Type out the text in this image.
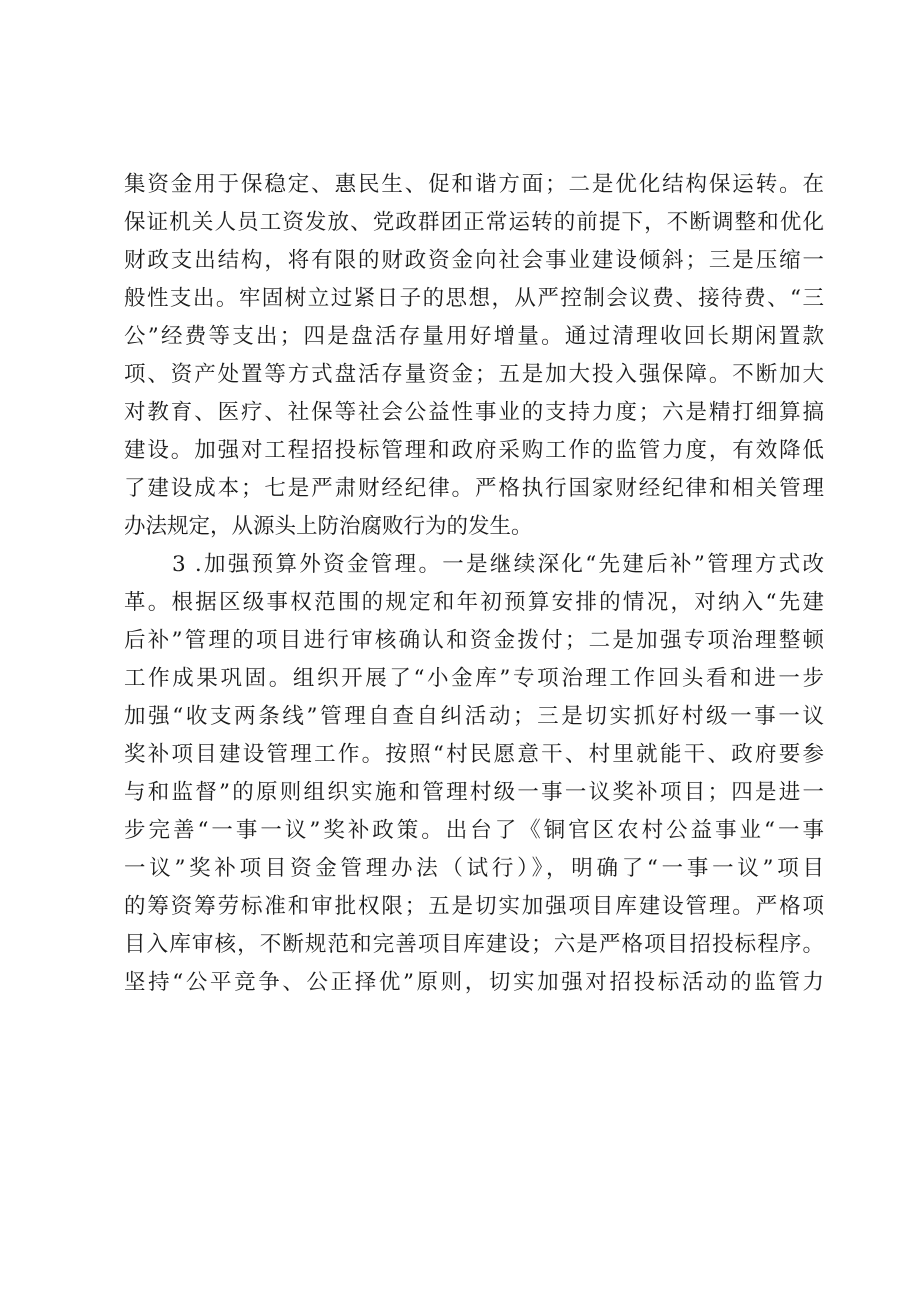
集资金用于保稳定、惠民生、促和谐方面；二是优化结构保运转。在
保证机关人员工资发放、党政群团正常运转的前提下，不断调整和优化
财政支出结构，将有限的财政资金向社会事业建设倾斜；三是压缩一
般性支出。牢固树立过紧日子的思想，从严控制会议费、接待费、“三
公”经费等支出；四是盘活存量用好增量。通过清理收回长期闲置款
项、资产处置等方式盘活存量资金；五是加大投入强保障。不断加大
对教育、医疗、社保等社会公益性事业的支持力度；六是精打细算搞
建设。加强对工程招投标管理和政府采购工作的监管力度，有效降低
了建设成本；七是严肃财经纪律。严格执行国家财经纪律和相关管理
办法规定，从源头上防治腐败行为的发生。
3 .加强预算外资金管理。一是继续深化“先建后补”管理方式改
革。根据区级事权范围的规定和年初预算安排的情况，对纳入“先建
后补”管理的项目进行审核确认和资金拨付；二是加强专项治理整顿
工作成果巩固。组织开展了“小金库”专项治理工作回头看和进一步
加强“收支两条线”管理自查自纠活动；三是切实抓好村级一事一议
奖补项目建设管理工作。按照“村民愿意干、村里就能干、政府要参
与和监督”的原则组织实施和管理村级一事一议奖补项目；四是进一
步完善“一事一议”奖补政策。出台了《铜官区农村公益事业“一事
一议”奖补项目资金管理办法（试行）》，明确了“一事一议”项目
的筹资筹劳标准和审批权限；五是切实加强项目库建设管理。严格项
目入库审核，不断规范和完善项目库建设；六是严格项目招投标程序。
坚持“公平竞争、公正择优”原则，切实加强对招投标活动的监管力
